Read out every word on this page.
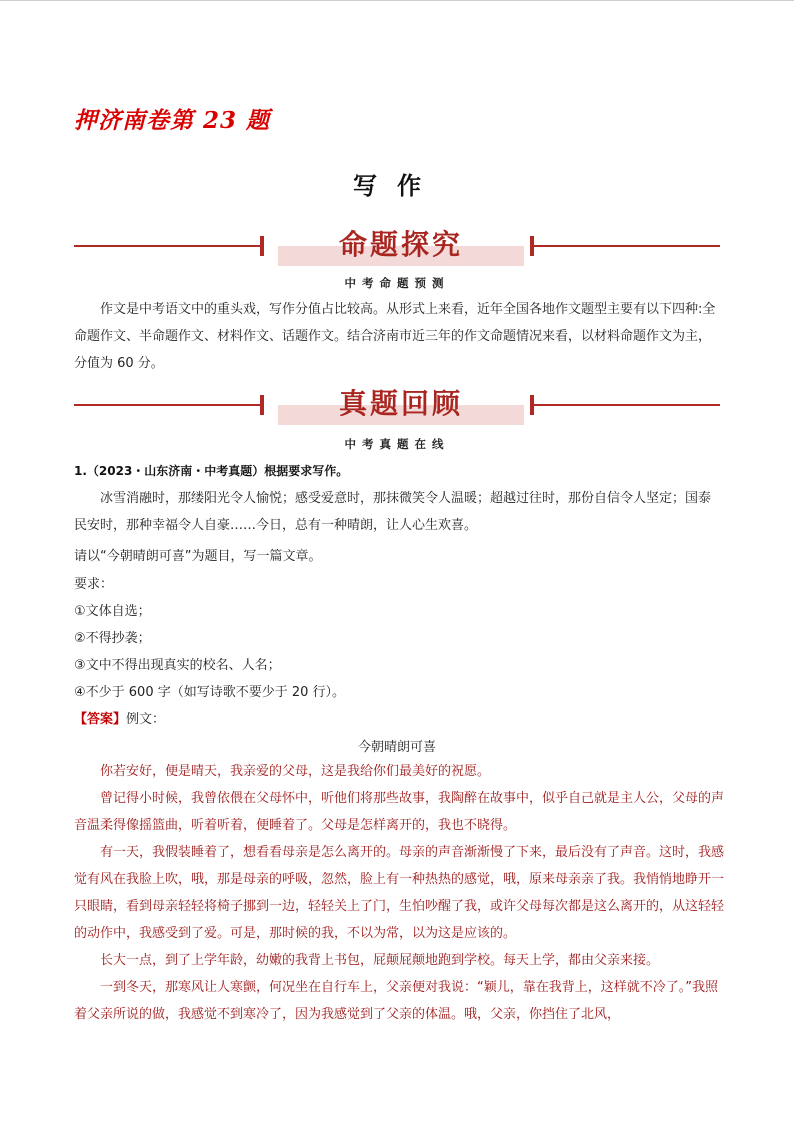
押济南卷第 23 题
写作
命题探究
中考命题预测
作文是中考语文中的重头戏，写作分值占比较高。从形式上来看，近年全国各地作文题型主要有以下四种:全命题作文、半命题作文、材料作文、话题作文。结合济南市近三年的作文命题情况来看，以材料命题作文为主，分值为 60 分。
真题回顾
中考真题在线
1.（2023・山东济南・中考真题）根据要求写作。
冰雪消融时，那缕阳光令人愉悦；感受爱意时，那抹微笑令人温暖；超越过往时，那份自信令人坚定；国泰民安时，那种幸福令人自豪……今日，总有一种晴朗，让人心生欢喜。
请以“今朝晴朗可喜”为题目，写一篇文章。
要求：
①文体自选；
②不得抄袭；
③文中不得出现真实的校名、人名；
④不少于 600 字（如写诗歌不要少于 20 行）。
【答案】例文：
今朝晴朗可喜

你若安好，便是晴天，我亲爱的父母，这是我给你们最美好的祝愿。

曾记得小时候，我曾依偎在父母怀中，听他们将那些故事，我陶醉在故事中，似乎自己就是主人公，父母的声音温柔得像摇篮曲，听着听着，便睡着了。父母是怎样离开的，我也不晓得。

有一天，我假装睡着了，想看看母亲是怎么离开的。母亲的声音渐渐慢了下来，最后没有了声音。这时，我感觉有风在我脸上吹，哦，那是母亲的呼吸，忽然，脸上有一种热热的感觉，哦，原来母亲亲了我。我悄悄地睁开一只眼睛，看到母亲轻轻将椅子挪到一边，轻轻关上了门，生怕吵醒了我，或许父母每次都是这么离开的，从这轻轻的动作中，我感受到了爱。可是，那时候的我，不以为常，以为这是应该的。

长大一点，到了上学年龄，幼嫩的我背上书包，屁颠屁颠地跑到学校。每天上学，都由父亲来接。

一到冬天，那寒风让人寒颤，何况坐在自行车上，父亲便对我说：“颖儿，靠在我背上，这样就不冷了。”我照着父亲所说的做，我感觉不到寒冷了，因为我感觉到了父亲的体温。哦，父亲，你挡住了北风，
